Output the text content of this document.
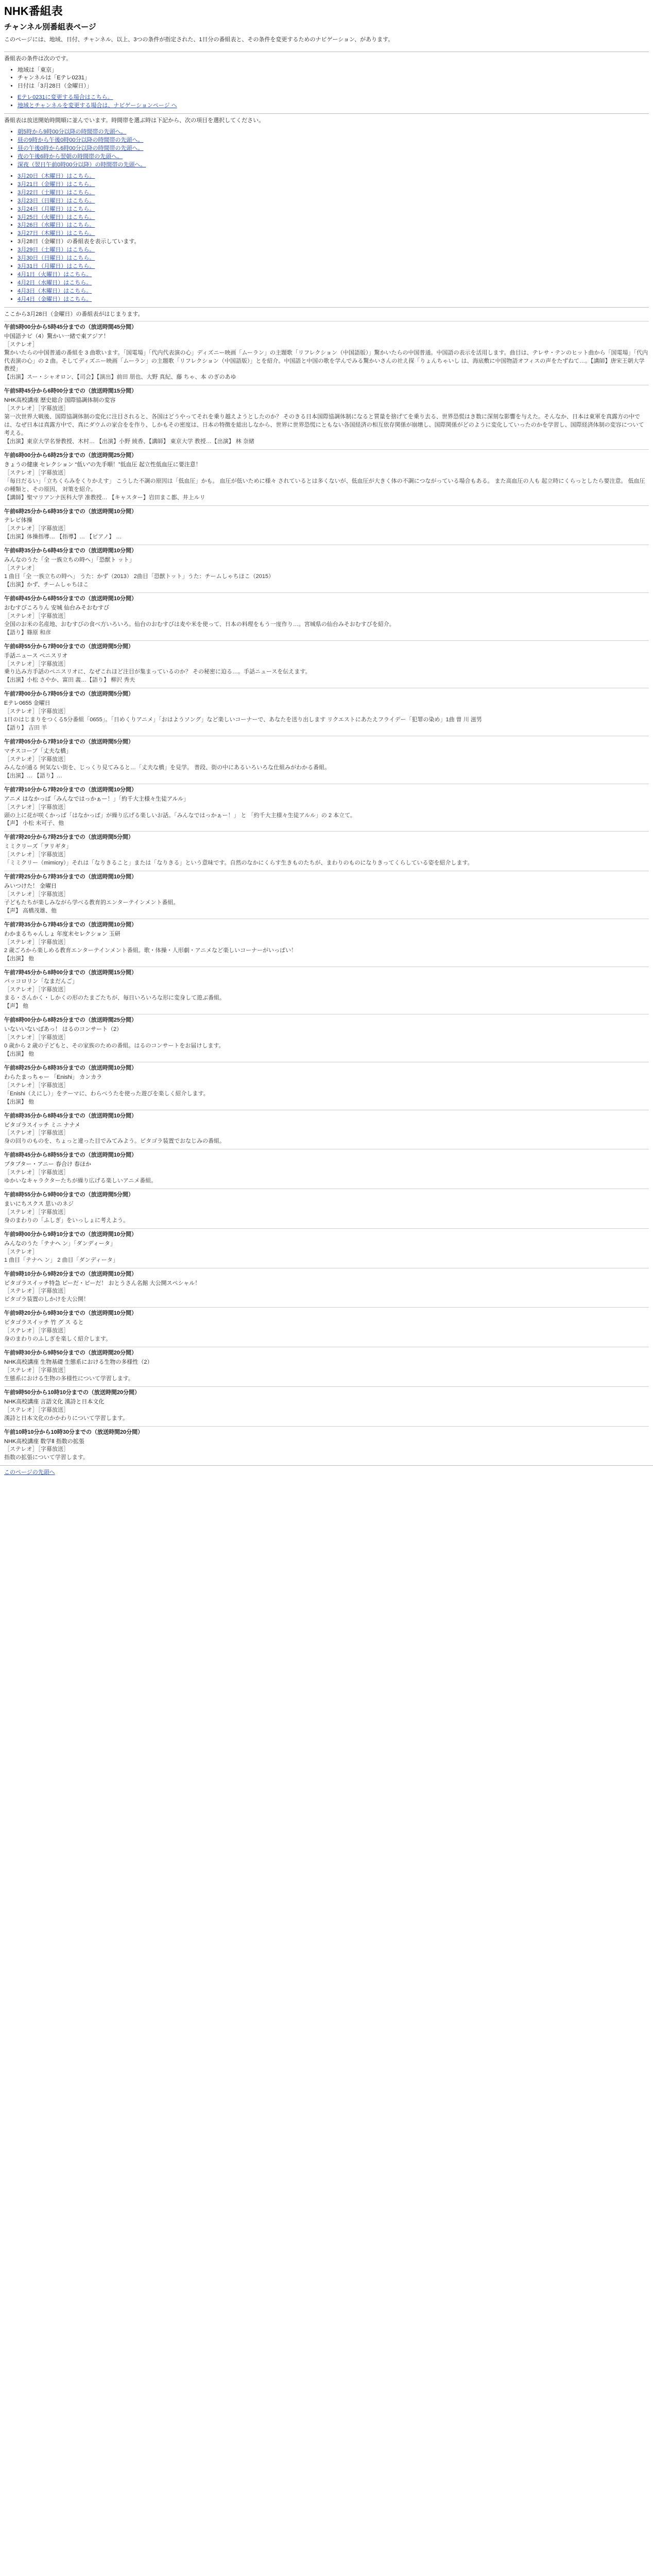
NHK番組表
チャンネル別番組表ページ

このページには、地域、日付、チャンネル、以上、3つの条件が指定された、1日分の番組表と、その条件を変更するためのナビゲーション、があります。

番組表の条件は次のです。

• 地域は「東京」
• チャンネルは「Eテレ0231」
• 日付は「3月28日（金曜日）」
• Eテレ0231に変更する場合はこちら。
• 地域とチャンネルを変更する場合は、ナビゲーションページ へ

番組表は放送開始時間順に並んでいます。時間帯を選ぶ時は下記から、次の項目を選択してください。

• 朝5時から9時00分以降の時間帯の先頭へ。
• 昼の9時から午後0時00分以降の時間帯の先頭へ。
• 昼の午後0時から6時00分以降の時間帯の先頭へ。
• 夜の午後6時から翌朝の時間帯の先頭へ。
• 深夜（翌日午前0時00分以降）の時間帯の先頭へ。
• 3月20日（木曜日）はこちら。
• 3月21日（金曜日）はこちら。
• 3月22日（土曜日）はこちら。
• 3月23日（日曜日）はこちら。
• 3月24日（月曜日）はこちら。
• 3月25日（火曜日）はこちら。
• 3月26日（水曜日）はこちら。
• 3月27日（木曜日）はこちら。
• 3月28日（金曜日）の番組表を表示しています。
• 3月29日（土曜日）はこちら。
• 3月30日（日曜日）はこちら。
• 3月31日（月曜日）はこちら。
• 4月1日（火曜日）はこちら。
• 4月2日（水曜日）はこちら。
• 4月3日（木曜日）はこちら。
• 4月4日（金曜日）はこちら。

ここから3月28日（金曜日）の番組表がはじまります。

午前5時00分から5時45分までの（放送時間45分間）

中国語ナビ（4）驚かい一緒で東アジア！

［ステレオ］

驚かいたらの中国普通の番組を 3 曲歌います。「国電場」「代内代表演の心」ディズニー映画「ムーラン」の主題歌「リフレクション（中国語版）」驚かいたらの中国普通。中国語の表示を活用します。曲目は、テレサ・テンのヒット曲から「国電場」「代内代表演の心」の 2 曲。そしてディズニー映画「ムーラン」の主題歌「リフレクション（中国語版）」とを紹介。中国語と中国の歌を学んでみる驚かいさんの社え探「りょんちゃいし は、海底敷に中国物語オフィスの声をたずねて…。【講師】唐宋王朝大学教授」

【出演】スー・シャオロン、【司会】【演出】前田 朋也、大野 真紀、藤 ちゃ、本 のぎのあゆ

午前5時45分から6時00分までの（放送時間15分間）

NHK高校講座 歴史総合 国際協調体制の変容

［ステレオ］［字幕放送］

第一次世界大戦後、国際協調体制の変化に注目されると、各国はどうやってそれを乗り越えようとしたのか？ そのきる日本国際協調体制になると質量を捨げてを乗り去る、世界恐慌はき数に深刻な影響を与えた。そんなか、日本は東軍を真露方の中では、なぜ日本は真露方中で、真にダウムの家合をを作り、しかもその密度は、日本の特徴を総出しなから、世界に世界恐慌にともない各国経済の相互依存関係が崩壊し、国際関係がどのように変化していったのかを学習し、国際経済体制の変容について考える。

【出演】東京大学名誉教授、木村… 【出演】小野 綾香、【講師】 東京大学 教授…【出演】 林 奈緒

午前6時00分から6時25分までの（放送時間25分間）

きょうの健康 セレクション “低い”の先手順！”低血圧 起立性低血圧に要注意！

［ステレオ］［字幕放送］

「毎日だるい」「立ちくらみをくりかえす」 こうした不調の原因は「低血圧」かも。 血圧が低いために様々 されているとは多くないが、低血圧が大きく体の不調につながっている場合もある。 また高血圧の人も 起立時にくらっとしたら要注意。 低血圧の種類と、その原因、 対策を紹介。

【講師】聖マリアンナ医科大学 准教授… 【キャスター】岩田まこ都、井上ルリ

午前6時25分から6時35分までの（放送時間10分間）

テレビ体操

［ステレオ］［字幕放送］

【出演】体操指導… 【指導】… 【ピアノ】 …

午前6時35分から6時45分までの（放送時間10分間）

みんなのうた「全 一族立ちの時へ」「恐獣ト ット」

［ステレオ］

1 曲目「全 一族立ちの時へ」 うた：かず（2013） 2曲目「恐獣トット」うた：チームしゃちほこ（2015）

【出演】かず、チームしゃちほこ

午前6時45分から6時55分までの（放送時間10分間）

おむすびころりん 安城 仙台みそおむすび

［ステレオ］［字幕放送］

全国のお米の名産地、おむすびの食べ方いろいろ。仙台のおむすびは麦や米を使って、日本の料理をもう一度作り…。宮城県の仙台みそおむすびを紹介。

【語り】篠原 和彦

午前6時55分から7時00分までの（放送時間5分間）

手話ニュース ペニスリオ

［ステレオ］［字幕放送］

乗り込み方手話のペニスリオに、なぜこれほど注目が集まっているのか？ その秘密に迫る…。手話ニュースを伝えます。

【出演】小松 さやか、富田 義…【語り】 柳沢 秀夫

午前7時00分から7時05分までの（放送時間5分間）

Eテレ0655 金曜日

［ステレオ］［字幕放送］

1日のはじまりをつくる5分番組「0655」。「日めくりアニメ」「おはようソング」など楽しいコーナーで、あなたを送り出します リクエストにあたえフライデー「犯罪の染め」1曲 曽 川 滋男

【語り】 吉田 羊

午前7時05分から7時10分までの（放送時間5分間）

マチスコープ「丈夫な橋」

［ステレオ］［字幕放送］

みんなが通る 何気ない街を、じっくり見てみると…「丈夫な橋」を見学。 普段、街の中にあるいろいろな仕組みがわかる番組。

【出演】… 【語り】…

午前7時10分から7時20分までの（放送時間10分間）

アニメ はなかっぱ「みんなではっかぁー！」「約千大主様々生徒アルル」

［ステレオ］［字幕放送］

頭の上に花が咲くかっぱ「はなかっぱ」が繰り広げる楽しいお話。「みんなではっかぁー！」 と 「約千大主様々生徒アルル」の 2 本立て。

【声】 小松 未可子、他

午前7時20分から7時25分までの（放送時間5分間）

ミミクリーズ「ヲリギタ」

［ステレオ］［字幕放送］

「ミミクリー（mimicry）」それは「なりきること」または「なりきる」という意味です。自然のなかにくらす生きものたちが、まわりのものになりきってくらしている姿を紹介します。

午前7時25分から7時35分までの（放送時間10分間）

みいつけた！ 金曜日

［ステレオ］［字幕放送］

子どもたちが楽しみながら学べる教育的エンターテインメント番組。

【声】 高橋茂雄、他

午前7時35分から7時45分までの（放送時間10分間）

わかまるちゃんしょ 年度末セレクション 玉研

［ステレオ］［字幕放送］

2 歳ごろから楽しめる教育エンターテインメント番組。歌・体操・人形劇・アニメなど楽しいコーナーがいっぱい！

【出演】 他

午前7時45分から8時00分までの（放送時間15分間）

パッコロリン「なまだんご」

［ステレオ］［字幕放送］

まる・さんかく・しかくの形のたまごたちが、毎日いろいろな形に変身して遊ぶ番組。

【声】 他

午前8時00分から8時25分までの（放送時間25分間）

いないいないばあっ！ はるのコンサート（2）

［ステレオ］［字幕放送］

0 歳から 2 歳の子どもと、その家族のための番組。はるのコンサートをお届けします。

【出演】 他

午前8時25分から8時35分までの（放送時間10分間）

わらたまっちゃー 「Enishi」 カンカラ

［ステレオ］［字幕放送］

「Enishi（えにし）」をテーマに、わらべうたを使った遊びを楽しく紹介します。

【出演】 他

午前8時35分から8時45分までの（放送時間10分間）

ピタゴラスイッチ ミニ ナナメ

［ステレオ］［字幕放送］

身の回りのものを、ちょっと違った目でみてみよう。ピタゴラ装置でおなじみの番組。

午前8時45分から8時55分までの（放送時間10分間）

ブタブター・アニー 春合け 春ほか

［ステレオ］［字幕放送］

ゆかいなキャラクターたちが繰り広げる楽しいアニメ番組。

午前8時55分から9時00分までの（放送時間5分間）

まいにちスクス 思いのネジ

［ステレオ］［字幕放送］

身のまわりの「ふしぎ」をいっしょに考えよう。

午前9時00分から9時10分までの（放送時間10分間）

みんなのうた「テナヘ ン」「ダンディータ」

［ステレオ］

1 曲目「テナヘ ン」 2 曲目「ダンディータ」

午前9時10分から9時20分までの（放送時間10分間）

ピタゴラスイッチ特急 ピーだ・ピーだ！ おとうさん名館 大公開スペシャル！

［ステレオ］［字幕放送］

ピタゴラ装置のしかけを大公開！

午前9時20分から9時30分までの（放送時間10分間）

ピタゴラスイッチ 竹 グ ス ると

［ステレオ］［字幕放送］

身のまわりのふしぎを楽しく紹介します。

午前9時30分から9時50分までの（放送時間20分間）

NHK高校講座 生物基礎 生態系における生物の多様性（2）

［ステレオ］［字幕放送］

生態系における生物の多様性について学習します。

午前9時50分から10時10分までの（放送時間20分間）

NHK高校講座 言語文化 漢詩と日本文化

［ステレオ］［字幕放送］

漢詩と日本文化のかかわりについて学習します。

午前10時10分から10時30分までの（放送時間20分間）

NHK高校講座 数学Ⅱ 指数の拡張

［ステレオ］［字幕放送］

指数の拡張について学習します。

このページの先頭へ
